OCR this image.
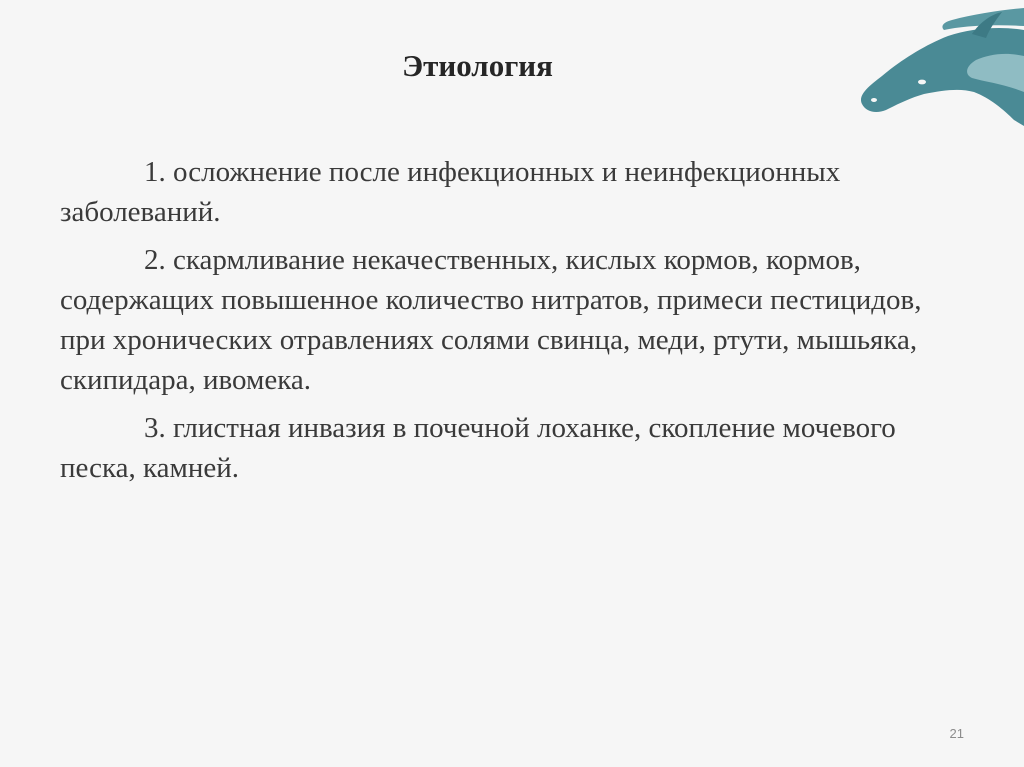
Этиология

1. осложнение после инфекционных и неинфекционных заболеваний.

2. скармливание некачественных, кислых кормов, кормов, содержащих повышенное количество нитратов, примеси пестицидов, при хронических отравлениях солями свинца, меди, ртути, мышьяка, скипидара, ивомека.

3. глистная инвазия в почечной лоханке, скопление мочевого песка, камней.

21
